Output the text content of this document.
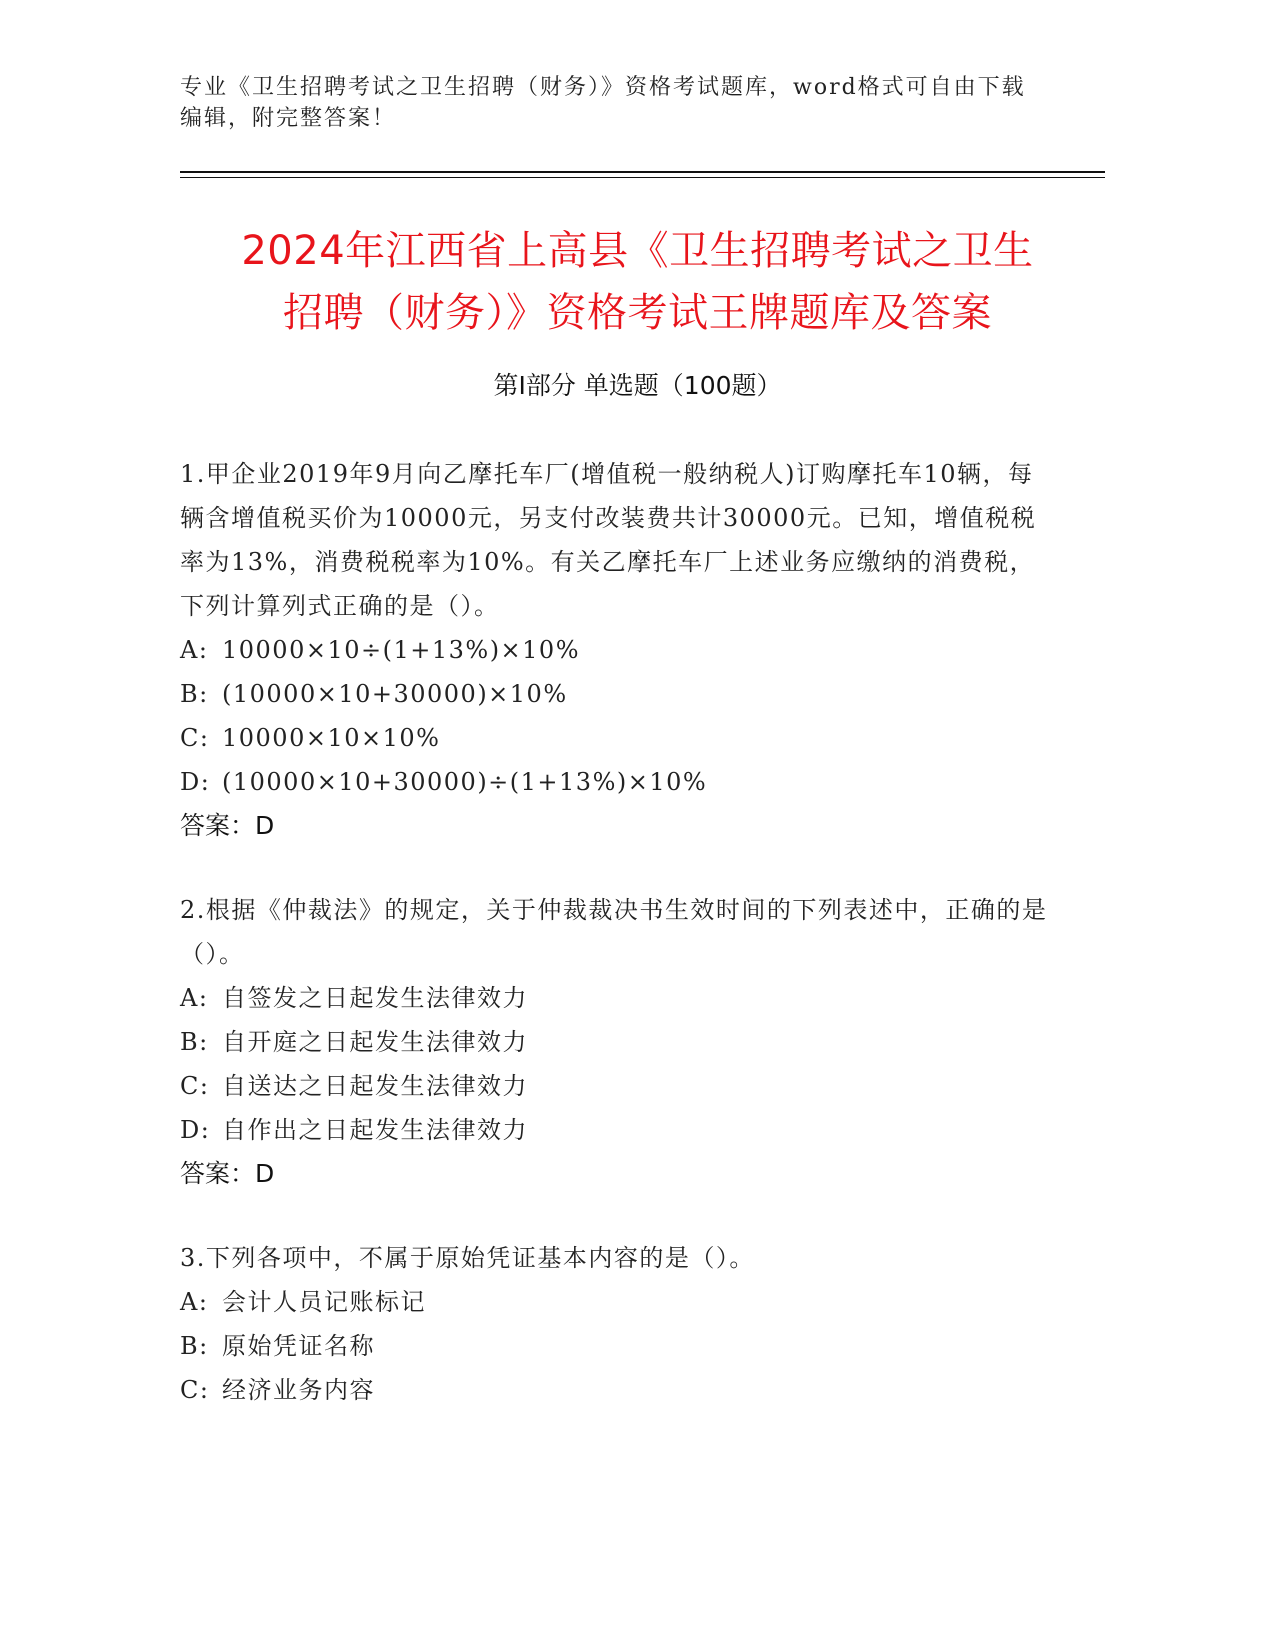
专业《卫生招聘考试之卫生招聘（财务）》资格考试题库，word格式可自由下载编辑，附完整答案！
2024年江西省上高县《卫生招聘考试之卫生
招聘（财务）》资格考试王牌题库及答案
第Ⅰ部分 单选题（100题）
1.甲企业2019年9月向乙摩托车厂(增值税一般纳税人)订购摩托车10辆，每辆含增值税买价为10000元，另支付改装费共计30000元。已知，增值税税率为13%，消费税税率为10%。有关乙摩托车厂上述业务应缴纳的消费税，下列计算列式正确的是（）。
A: 10000×10÷(1+13%)×10%
B: (10000×10+30000)×10%
C: 10000×10×10%
D: (10000×10+30000)÷(1+13%)×10%
答案：D
2.根据《仲裁法》的规定，关于仲裁裁决书生效时间的下列表述中，正确的是（）。
A: 自签发之日起发生法律效力
B: 自开庭之日起发生法律效力
C: 自送达之日起发生法律效力
D: 自作出之日起发生法律效力
答案：D
3.下列各项中，不属于原始凭证基本内容的是（）。
A: 会计人员记账标记
B: 原始凭证名称
C: 经济业务内容
